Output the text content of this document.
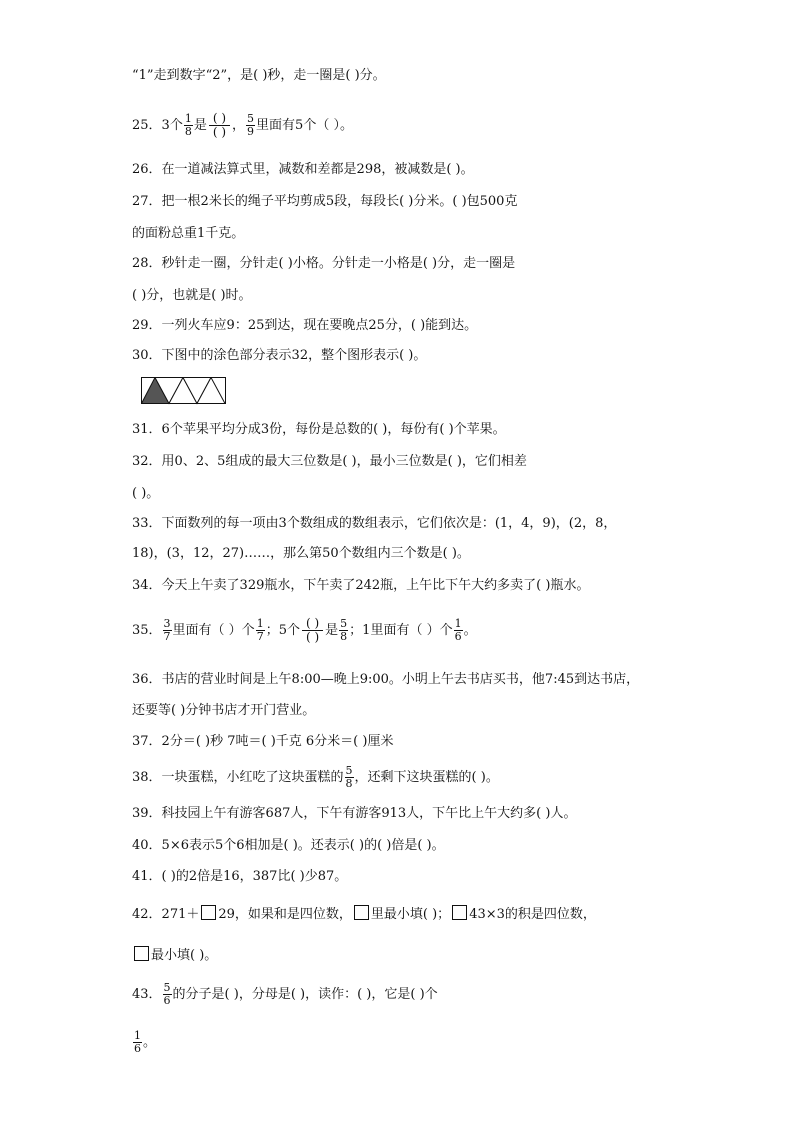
“1”走到数字“2”，是( )秒，走一圈是( )分。
25．3个 $\frac{1}{8}$ 是 $\frac{( )}{( )}$ ， $\frac{5}{9}$ 里面有5个（ ）。
26．在一道减法算式里，减数和差都是298，被减数是( )。
27．把一根2米长的绳子平均剪成5段，每段长( )分米。( )包500克
的面粉总重1千克。
28．秒针走一圈，分针走( )小格。分针走一小格是( )分，走一圈是
( )分，也就是( )时。
29．一列火车应9：25到达，现在要晚点25分，( )能到达。
30．下图中的涂色部分表示32，整个图形表示( )。
31．6个苹果平均分成3份，每份是总数的( )，每份有( )个苹果。
32．用0、2、5组成的最大三位数是( )，最小三位数是( )，它们相差
( )。
33．下面数列的每一项由3个数组成的数组表示，它们依次是：(1，4，9)，(2，8，
18)，(3，12，27)……，那么第50个数组内三个数是( )。
34．今天上午卖了329瓶水，下午卖了242瓶，上午比下午大约多卖了( )瓶水。
35． $\frac{3}{7}$ 里面有（ ）个 $\frac{1}{7}$ ；5个 $\frac{( )}{( )}$ 是 $\frac{5}{8}$ ；1里面有（ ）个 $\frac{1}{6}$ 。
36．书店的营业时间是上午8:00—晚上9:00。小明上午去书店买书，他7:45到达书店，
还要等( )分钟书店才开门营业。
37．2分＝( )秒 7吨＝( )千克 6分米＝( )厘米
38．一块蛋糕，小红吃了这块蛋糕的 $\frac{5}{8}$ ，还剩下这块蛋糕的( )。
39．科技园上午有游客687人，下午有游客913人，下午比上午大约多( )人。
40．5×6表示5个6相加是( )。还表示( )的( )倍是( )。
41．( )的2倍是16，387比( )少87。
42．271＋ 29，如果和是四位数， 里最小填( )； 43×3的积是四位数，
最小填( )。
43． $\frac{5}{6}$ 的分子是( )，分母是( )，读作：( )，它是( )个
$\frac{1}{6}$ 。
